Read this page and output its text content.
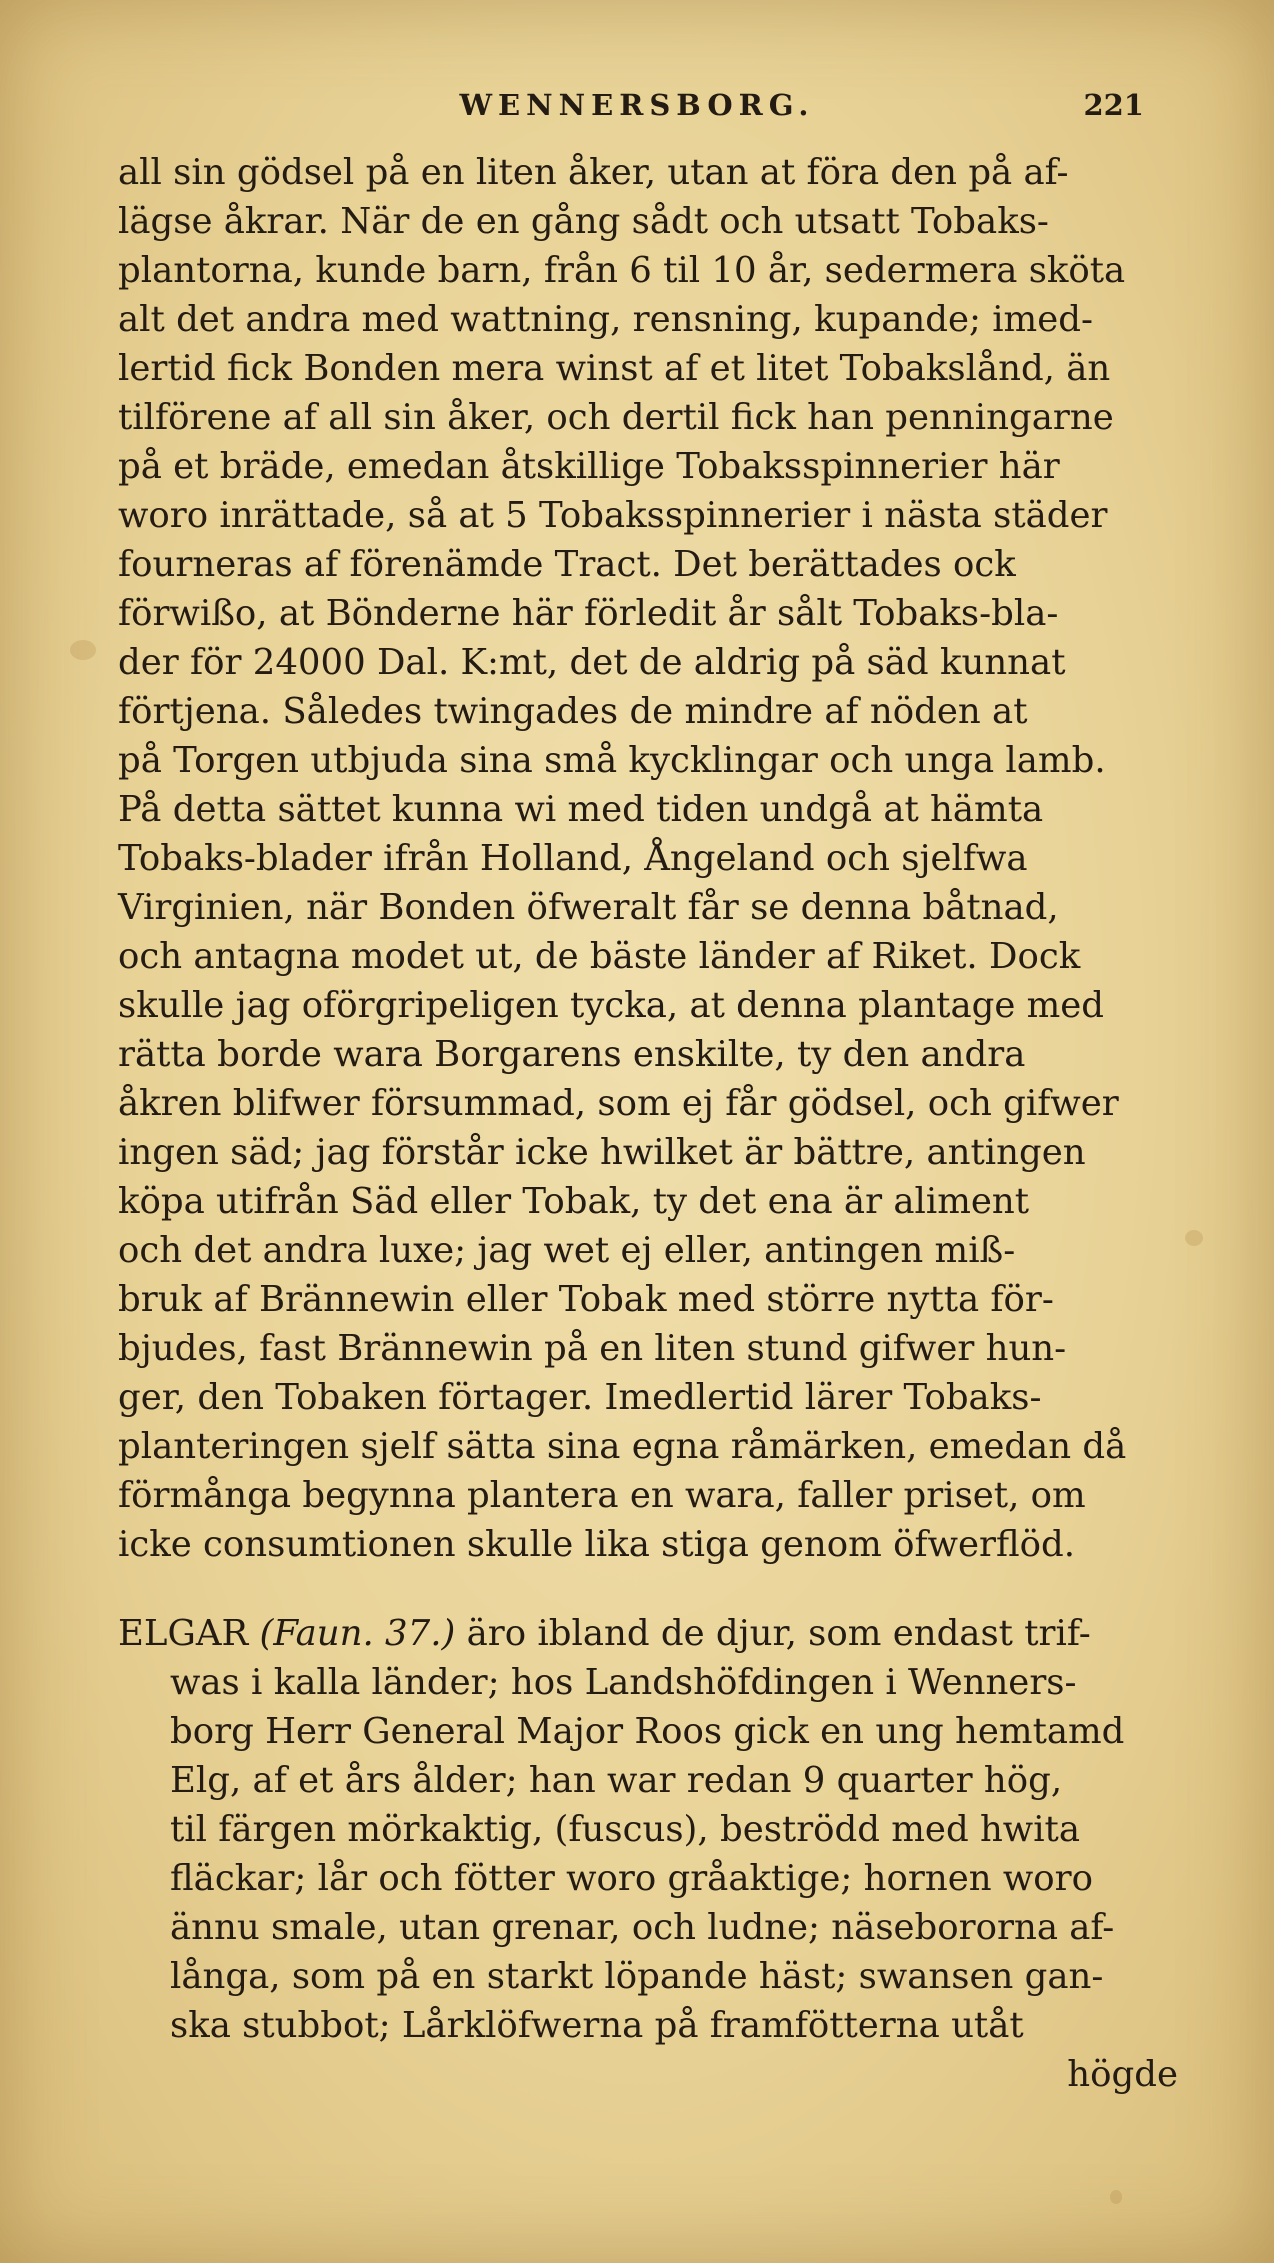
WENNERSBORG.	221

all sin gödsel på en liten åker, utan at föra den på af-
lägse åkrar. När de en gång sådt och utsatt Tobaks-
plantorna, kunde barn, från 6 til 10 år, sedermera sköta
alt det andra med wattning, rensning, kupande; imed-
lertid fick Bonden mera winst af et litet Tobakslånd, än
tilförene af all sin åker, och dertil fick han penningarne
på et bräde, emedan åtskillige Tobaksspinnerier här
woro inrättade, så at 5 Tobaksspinnerier i nästa städer
fourneras af förenämde Tract. Det berättades ock
förwißo, at Bönderne här förledit år sålt Tobaks-bla-
der för 24000 Dal. K:mt, det de aldrig på säd kunnat
förtjena. Således twingades de mindre af nöden at
på Torgen utbjuda sina små kycklingar och unga lamb.
På detta sättet kunna wi med tiden undgå at hämta
Tobaks-blader ifrån Holland, Ångeland och sjelfwa
Virginien, när Bonden öfweralt får se denna båtnad,
och antagna modet ut, de bäste länder af Riket. Dock
skulle jag oförgripeligen tycka, at denna plantage med
rätta borde wara Borgarens enskilte, ty den andra
åkren blifwer försummad, som ej får gödsel, och gifwer
ingen säd; jag förstår icke hwilket är bättre, antingen
köpa utifrån Säd eller Tobak, ty det ena är aliment
och det andra luxe; jag wet ej eller, antingen miß-
bruk af Brännewin eller Tobak med större nytta för-
bjudes, fast Brännewin på en liten stund gifwer hun-
ger, den Tobaken förtager. Imedlertid lärer Tobaks-
planteringen sjelf sätta sina egna råmärken, emedan då
förmånga begynna plantera en wara, faller priset, om
icke consumtionen skulle lika stiga genom öfwerflöd.

ELGAR (Faun. 37.) äro ibland de djur, som endast trif-
was i kalla länder; hos Landshöfdingen i Wenners-
borg Herr General Major Roos gick en ung hemtamd
Elg, af et års ålder; han war redan 9 quarter hög,
til färgen mörkaktig, (fuscus), beströdd med hwita
fläckar; lår och fötter woro gråaktige; hornen woro
ännu smale, utan grenar, och ludne; näsebororna af-
långa, som på en starkt löpande häst; swansen gan-
ska stubbot; Lårklöfwerna på framfötterna utåt
högde
